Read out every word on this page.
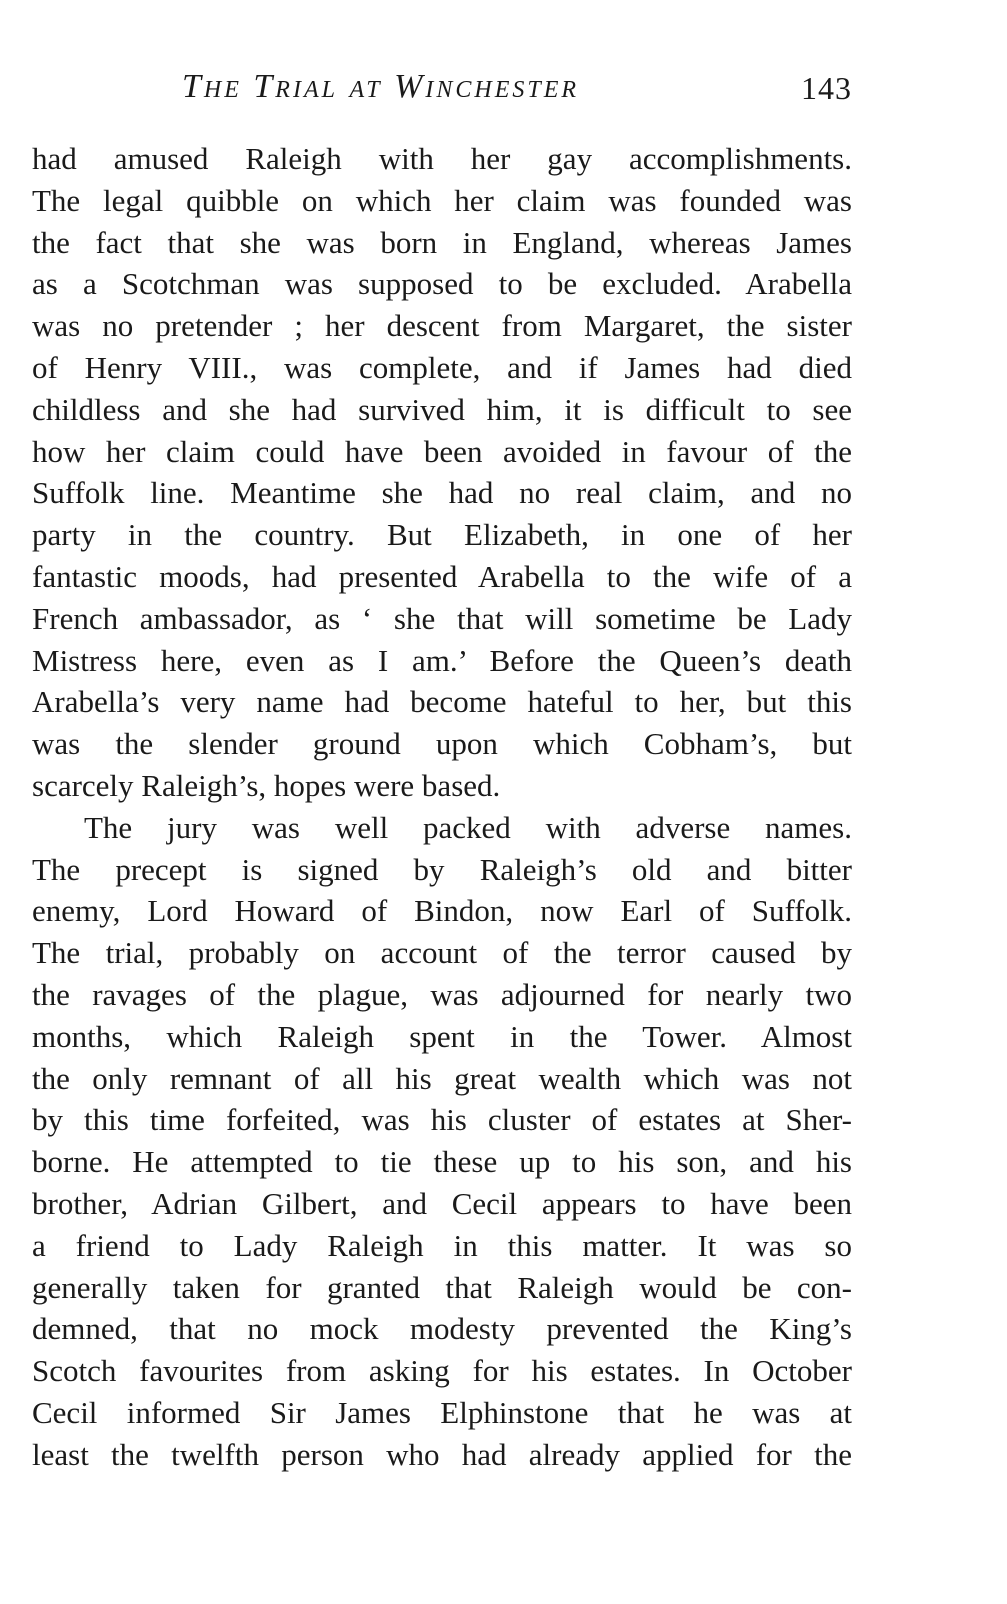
The Trial at Winchester	143
had amused Raleigh with her gay accomplishments.
The legal quibble on which her claim was founded was
the fact that she was born in England, whereas James
as a Scotchman was supposed to be excluded. Arabella
was no pretender ; her descent from Margaret, the sister
of Henry VIII., was complete, and if James had died
childless and she had survived him, it is difficult to see
how her claim could have been avoided in favour of the
Suffolk line. Meantime she had no real claim, and no
party in the country. But Elizabeth, in one of her
fantastic moods, had presented Arabella to the wife of a
French ambassador, as ‘ she that will sometime be Lady
Mistress here, even as I am.’ Before the Queen’s death
Arabella’s very name had become hateful to her, but this
was the slender ground upon which Cobham’s, but
scarcely Raleigh’s, hopes were based.
The jury was well packed with adverse names.
The precept is signed by Raleigh’s old and bitter
enemy, Lord Howard of Bindon, now Earl of Suffolk.
The trial, probably on account of the terror caused by
the ravages of the plague, was adjourned for nearly two
months, which Raleigh spent in the Tower. Almost
the only remnant of all his great wealth which was not
by this time forfeited, was his cluster of estates at Sher-
borne. He attempted to tie these up to his son, and his
brother, Adrian Gilbert, and Cecil appears to have been
a friend to Lady Raleigh in this matter. It was so
generally taken for granted that Raleigh would be con-
demned, that no mock modesty prevented the King’s
Scotch favourites from asking for his estates. In October
Cecil informed Sir James Elphinstone that he was at
least the twelfth person who had already applied for the
